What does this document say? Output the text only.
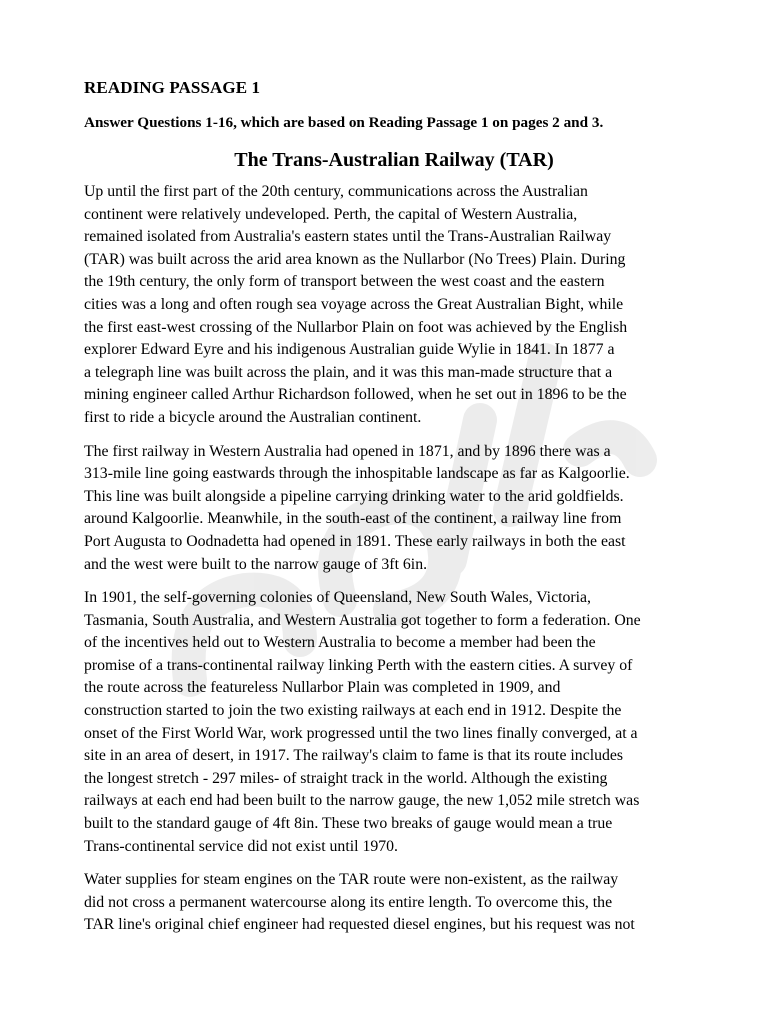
READING PASSAGE 1

Answer Questions 1-16, which are based on Reading Passage 1 on pages 2 and 3.

The Trans-Australian Railway (TAR)

Up until the first part of the 20th century, communications across the Australian
continent were relatively undeveloped. Perth, the capital of Western Australia,
remained isolated from Australia's eastern states until the Trans-Australian Railway
(TAR) was built across the arid area known as the Nullarbor (No Trees) Plain. During
the 19th century, the only form of transport between the west coast and the eastern
cities was a long and often rough sea voyage across the Great Australian Bight, while
the first east-west crossing of the Nullarbor Plain on foot was achieved by the English
explorer Edward Eyre and his indigenous Australian guide Wylie in 1841. In 1877 a
a telegraph line was built across the plain, and it was this man-made structure that a
mining engineer called Arthur Richardson followed, when he set out in 1896 to be the
first to ride a bicycle around the Australian continent.

The first railway in Western Australia had opened in 1871, and by 1896 there was a
313-mile line going eastwards through the inhospitable landscape as far as Kalgoorlie.
This line was built alongside a pipeline carrying drinking water to the arid goldfields.
around Kalgoorlie. Meanwhile, in the south-east of the continent, a railway line from
Port Augusta to Oodnadetta had opened in 1891. These early railways in both the east
and the west were built to the narrow gauge of 3ft 6in.

In 1901, the self-governing colonies of Queensland, New South Wales, Victoria,
Tasmania, South Australia, and Western Australia got together to form a federation. One
of the incentives held out to Western Australia to become a member had been the
promise of a trans-continental railway linking Perth with the eastern cities. A survey of
the route across the featureless Nullarbor Plain was completed in 1909, and
construction started to join the two existing railways at each end in 1912. Despite the
onset of the First World War, work progressed until the two lines finally converged, at a
site in an area of desert, in 1917. The railway's claim to fame is that its route includes
the longest stretch - 297 miles- of straight track in the world. Although the existing
railways at each end had been built to the narrow gauge, the new 1,052 mile stretch was
built to the standard gauge of 4ft 8in. These two breaks of gauge would mean a true
Trans-continental service did not exist until 1970.

Water supplies for steam engines on the TAR route were non-existent, as the railway
did not cross a permanent watercourse along its entire length. To overcome this, the
TAR line's original chief engineer had requested diesel engines, but his request was not
